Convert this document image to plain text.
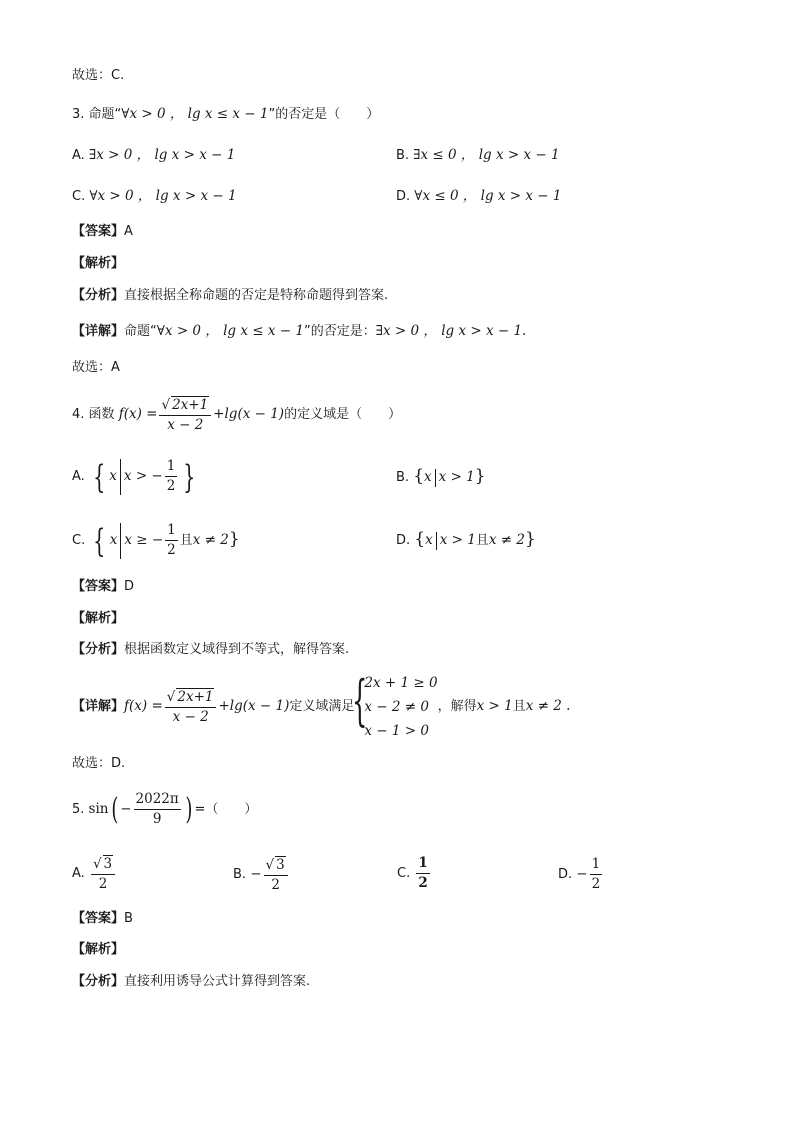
故选：C.
3. 命题“∀x > 0 ， lg x ≤ x − 1”的否定是（　　）
A. ∃x > 0 ， lg x > x − 1	B. ∃x ≤ 0 ， lg x > x − 1
C. ∀x > 0 ， lg x > x − 1	D. ∀x ≤ 0 ， lg x > x − 1
【答案】A
【解析】
【分析】直接根据全称命题的否定是特称命题得到答案.
【详解】命题“∀x > 0 ， lg x ≤ x − 1”的否定是：∃x > 0 ， lg x > x − 1.
故选：A
4. 函数 $f(x) = \frac{√ 2x+1}{x - 2} +\lg(x - 1)$的定义域是（　　）
A. { x x > − $\frac{1}{2}$ }	B. {x x > 1}
C. { x x ≥ − $\frac{1}{2}$ 且x ≠ 2}	D. {x x > 1且x ≠ 2}
【答案】D
【解析】
【分析】根据函数定义域得到不等式，解得答案.
【详解】$f(x) = \frac{√ 2x+1}{x - 2} +\lg(x - 1)$定义域满足
{
2x + 1 ≥ 0
x − 2 ≠ 0
x − 1 > 0
，解得x > 1且x ≠ 2 .
故选：D.
5. $\sin( - \frac{2022\pi}{9}$ ) =（　　）
A. $\frac{√ 3}{2}$	B. − $\frac{√ 3}{2}$	C. $\frac{1}{2}$	D. − $\frac{1}{2}$
【答案】B
【解析】
【分析】直接利用诱导公式计算得到答案.
